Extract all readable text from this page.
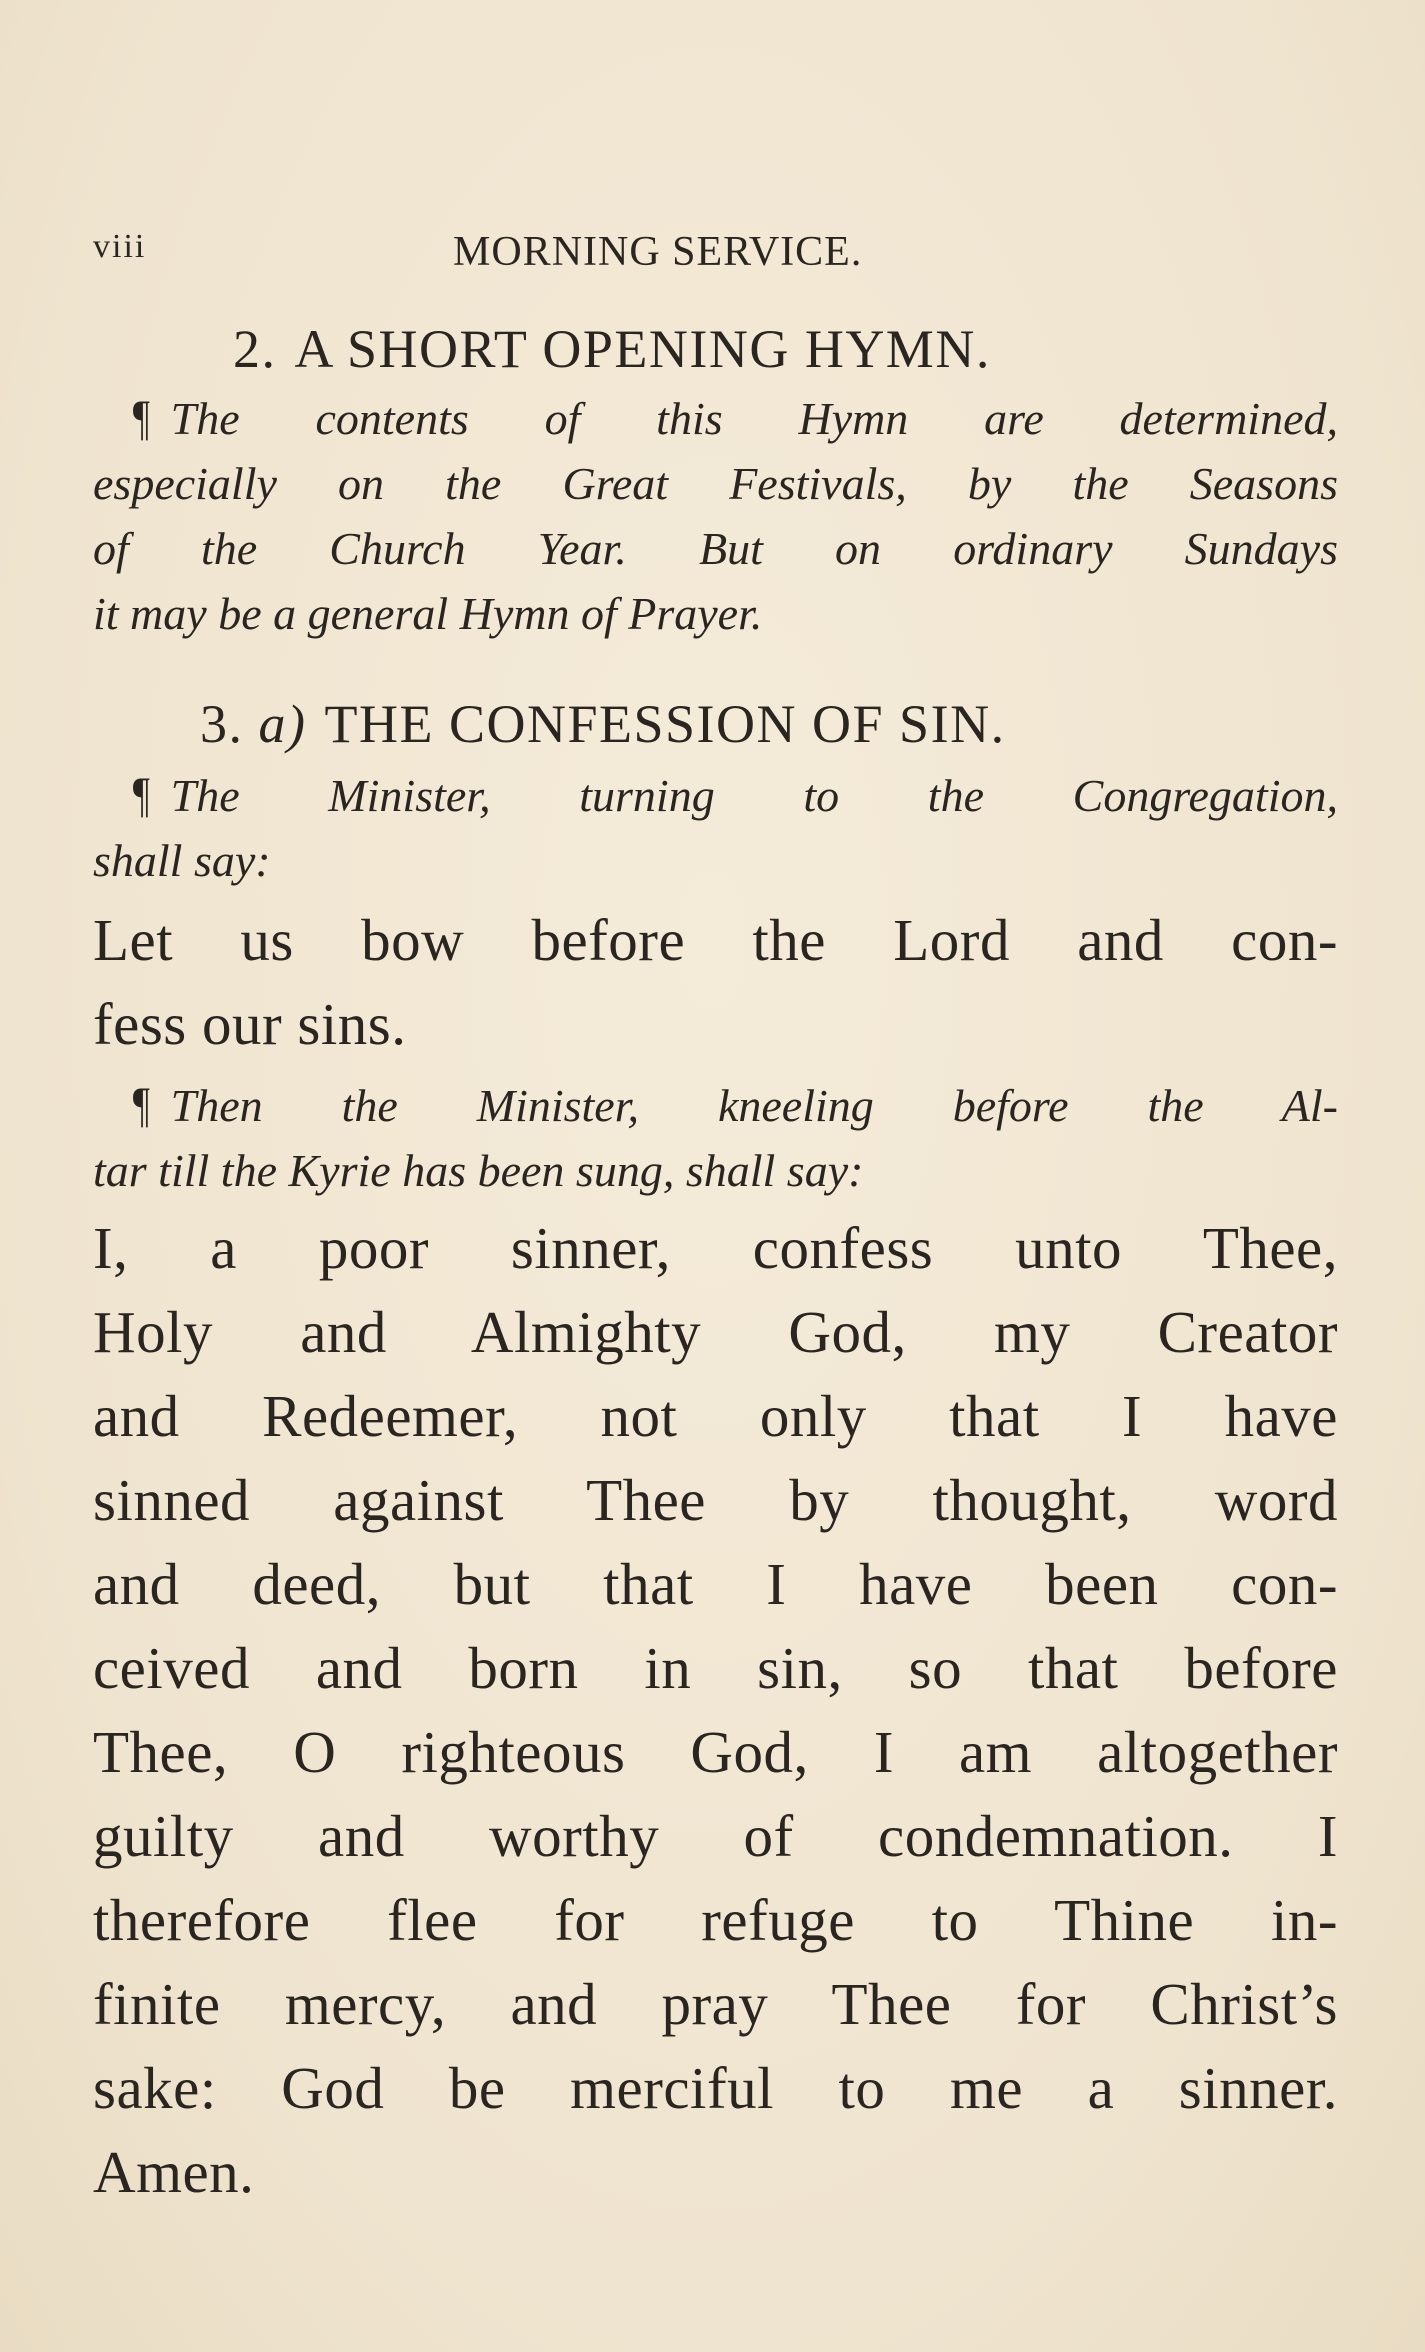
viii	MORNING SERVICE.
2. A SHORT OPENING HYMN.
¶ The contents of this Hymn are determined,
especially on the Great Festivals, by the Seasons
of the Church Year. But on ordinary Sundays
it may be a general Hymn of Prayer.
3. a) THE CONFESSION OF SIN.
¶ The Minister, turning to the Congregation,
shall say:
Let us bow before the Lord and con-
fess our sins.
¶ Then the Minister, kneeling before the Al-
tar till the Kyrie has been sung, shall say:
I, a poor sinner, confess unto Thee,
Holy and Almighty God, my Creator
and Redeemer, not only that I have
sinned against Thee by thought, word
and deed, but that I have been con-
ceived and born in sin, so that before
Thee, O righteous God, I am altogether
guilty and worthy of condemnation. I
therefore flee for refuge to Thine in-
finite mercy, and pray Thee for Christ’s
sake: God be merciful to me a sinner.
Amen.
